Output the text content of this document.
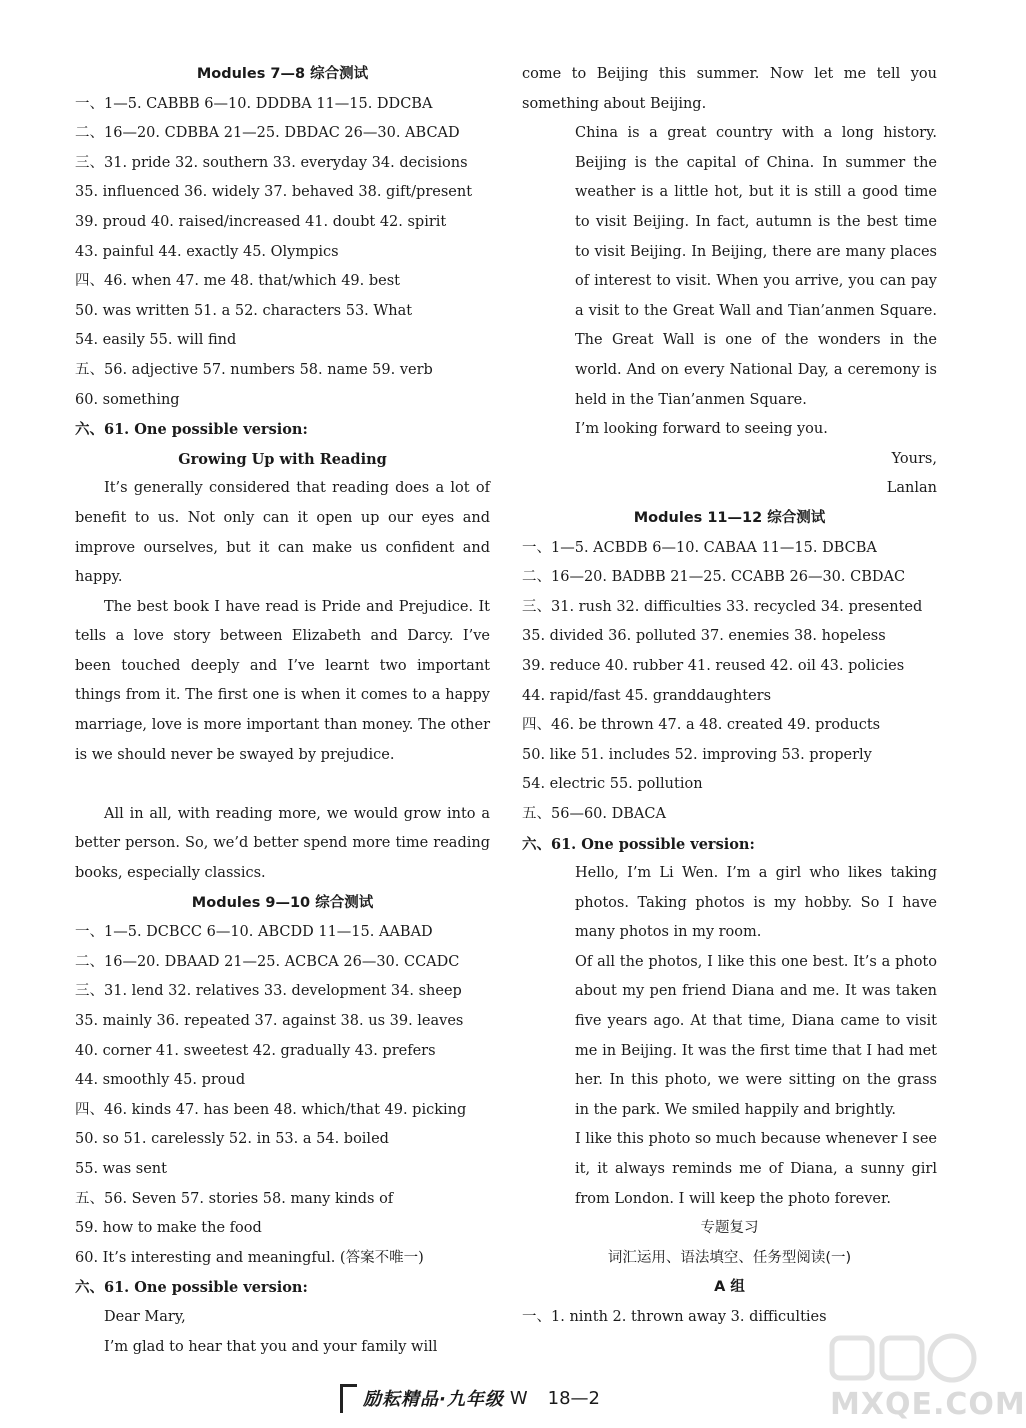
Modules 7—8 综合测试
一、1—5. CABBB 6—10. DDDBA 11—15. DDCBA
二、16—20. CDBBA 21—25. DBDAC 26—30. ABCAD
三、31. pride 32. southern 33. everyday 34. decisions
35. influenced 36. widely 37. behaved 38. gift/present
39. proud 40. raised/increased 41. doubt 42. spirit
43. painful 44. exactly 45. Olympics
四、46. when 47. me 48. that/which 49. best
50. was written 51. a 52. characters 53. What
54. easily 55. will find
五、56. adjective 57. numbers 58. name 59. verb
60. something
六、61. One possible version:
Growing Up with Reading
It’s generally considered that reading does a lot of benefit to us. Not only can it open up our eyes and improve ourselves, but it can make us confident and happy.
The best book I have read is Pride and Prejudice. It tells a love story between Elizabeth and Darcy. I’ve been touched deeply and I’ve learnt two important things from it. The first one is when it comes to a happy marriage, love is more important than money. The other is we should never be swayed by prejudice.
All in all, with reading more, we would grow into a better person. So, we’d better spend more time reading books, especially classics.
Modules 9—10 综合测试
一、1—5. DCBCC 6—10. ABCDD 11—15. AABAD
二、16—20. DBAAD 21—25. ACBCA 26—30. CCADC
三、31. lend 32. relatives 33. development 34. sheep
35. mainly 36. repeated 37. against 38. us 39. leaves
40. corner 41. sweetest 42. gradually 43. prefers
44. smoothly 45. proud
四、46. kinds 47. has been 48. which/that 49. picking
50. so 51. carelessly 52. in 53. a 54. boiled
55. was sent
五、56. Seven 57. stories 58. many kinds of
59. how to make the food
60. It’s interesting and meaningful. (答案不唯一)
六、61. One possible version:
Dear Mary,
I’m glad to hear that you and your family will
come to Beijing this summer. Now let me tell you something about Beijing.
China is a great country with a long history. Beijing is the capital of China. In summer the weather is a little hot, but it is still a good time to visit Beijing. In fact, autumn is the best time to visit Beijing. In Beijing, there are many places of interest to visit. When you arrive, you can pay a visit to the Great Wall and Tian’anmen Square. The Great Wall is one of the wonders in the world. And on every National Day, a ceremony is held in the Tian’anmen Square.
I’m looking forward to seeing you.
Yours,
Lanlan
Modules 11—12 综合测试
一、1—5. ACBDB 6—10. CABAA 11—15. DBCBA
二、16—20. BADBB 21—25. CCABB 26—30. CBDAC
三、31. rush 32. difficulties 33. recycled 34. presented
35. divided 36. polluted 37. enemies 38. hopeless
39. reduce 40. rubber 41. reused 42. oil 43. policies
44. rapid/fast 45. granddaughters
四、46. be thrown 47. a 48. created 49. products
50. like 51. includes 52. improving 53. properly
54. electric 55. pollution
五、56—60. DBACA
六、61. One possible version:
Hello, I’m Li Wen. I’m a girl who likes taking photos. Taking photos is my hobby. So I have many photos in my room.
Of all the photos, I like this one best. It’s a photo about my pen friend Diana and me. It was taken five years ago. At that time, Diana came to visit me in Beijing. It was the first time that I had met her. In this photo, we were sitting on the grass in the park. We smiled happily and brightly.
I like this photo so much because whenever I see it, it always reminds me of Diana, a sunny girl from London. I will keep the photo forever.
专题复习
词汇运用、语法填空、任务型阅读(一)
A 组
一、1. ninth 2. thrown away 3. difficulties
励耘精品·九年级 W 18—2	MXQE.COM
